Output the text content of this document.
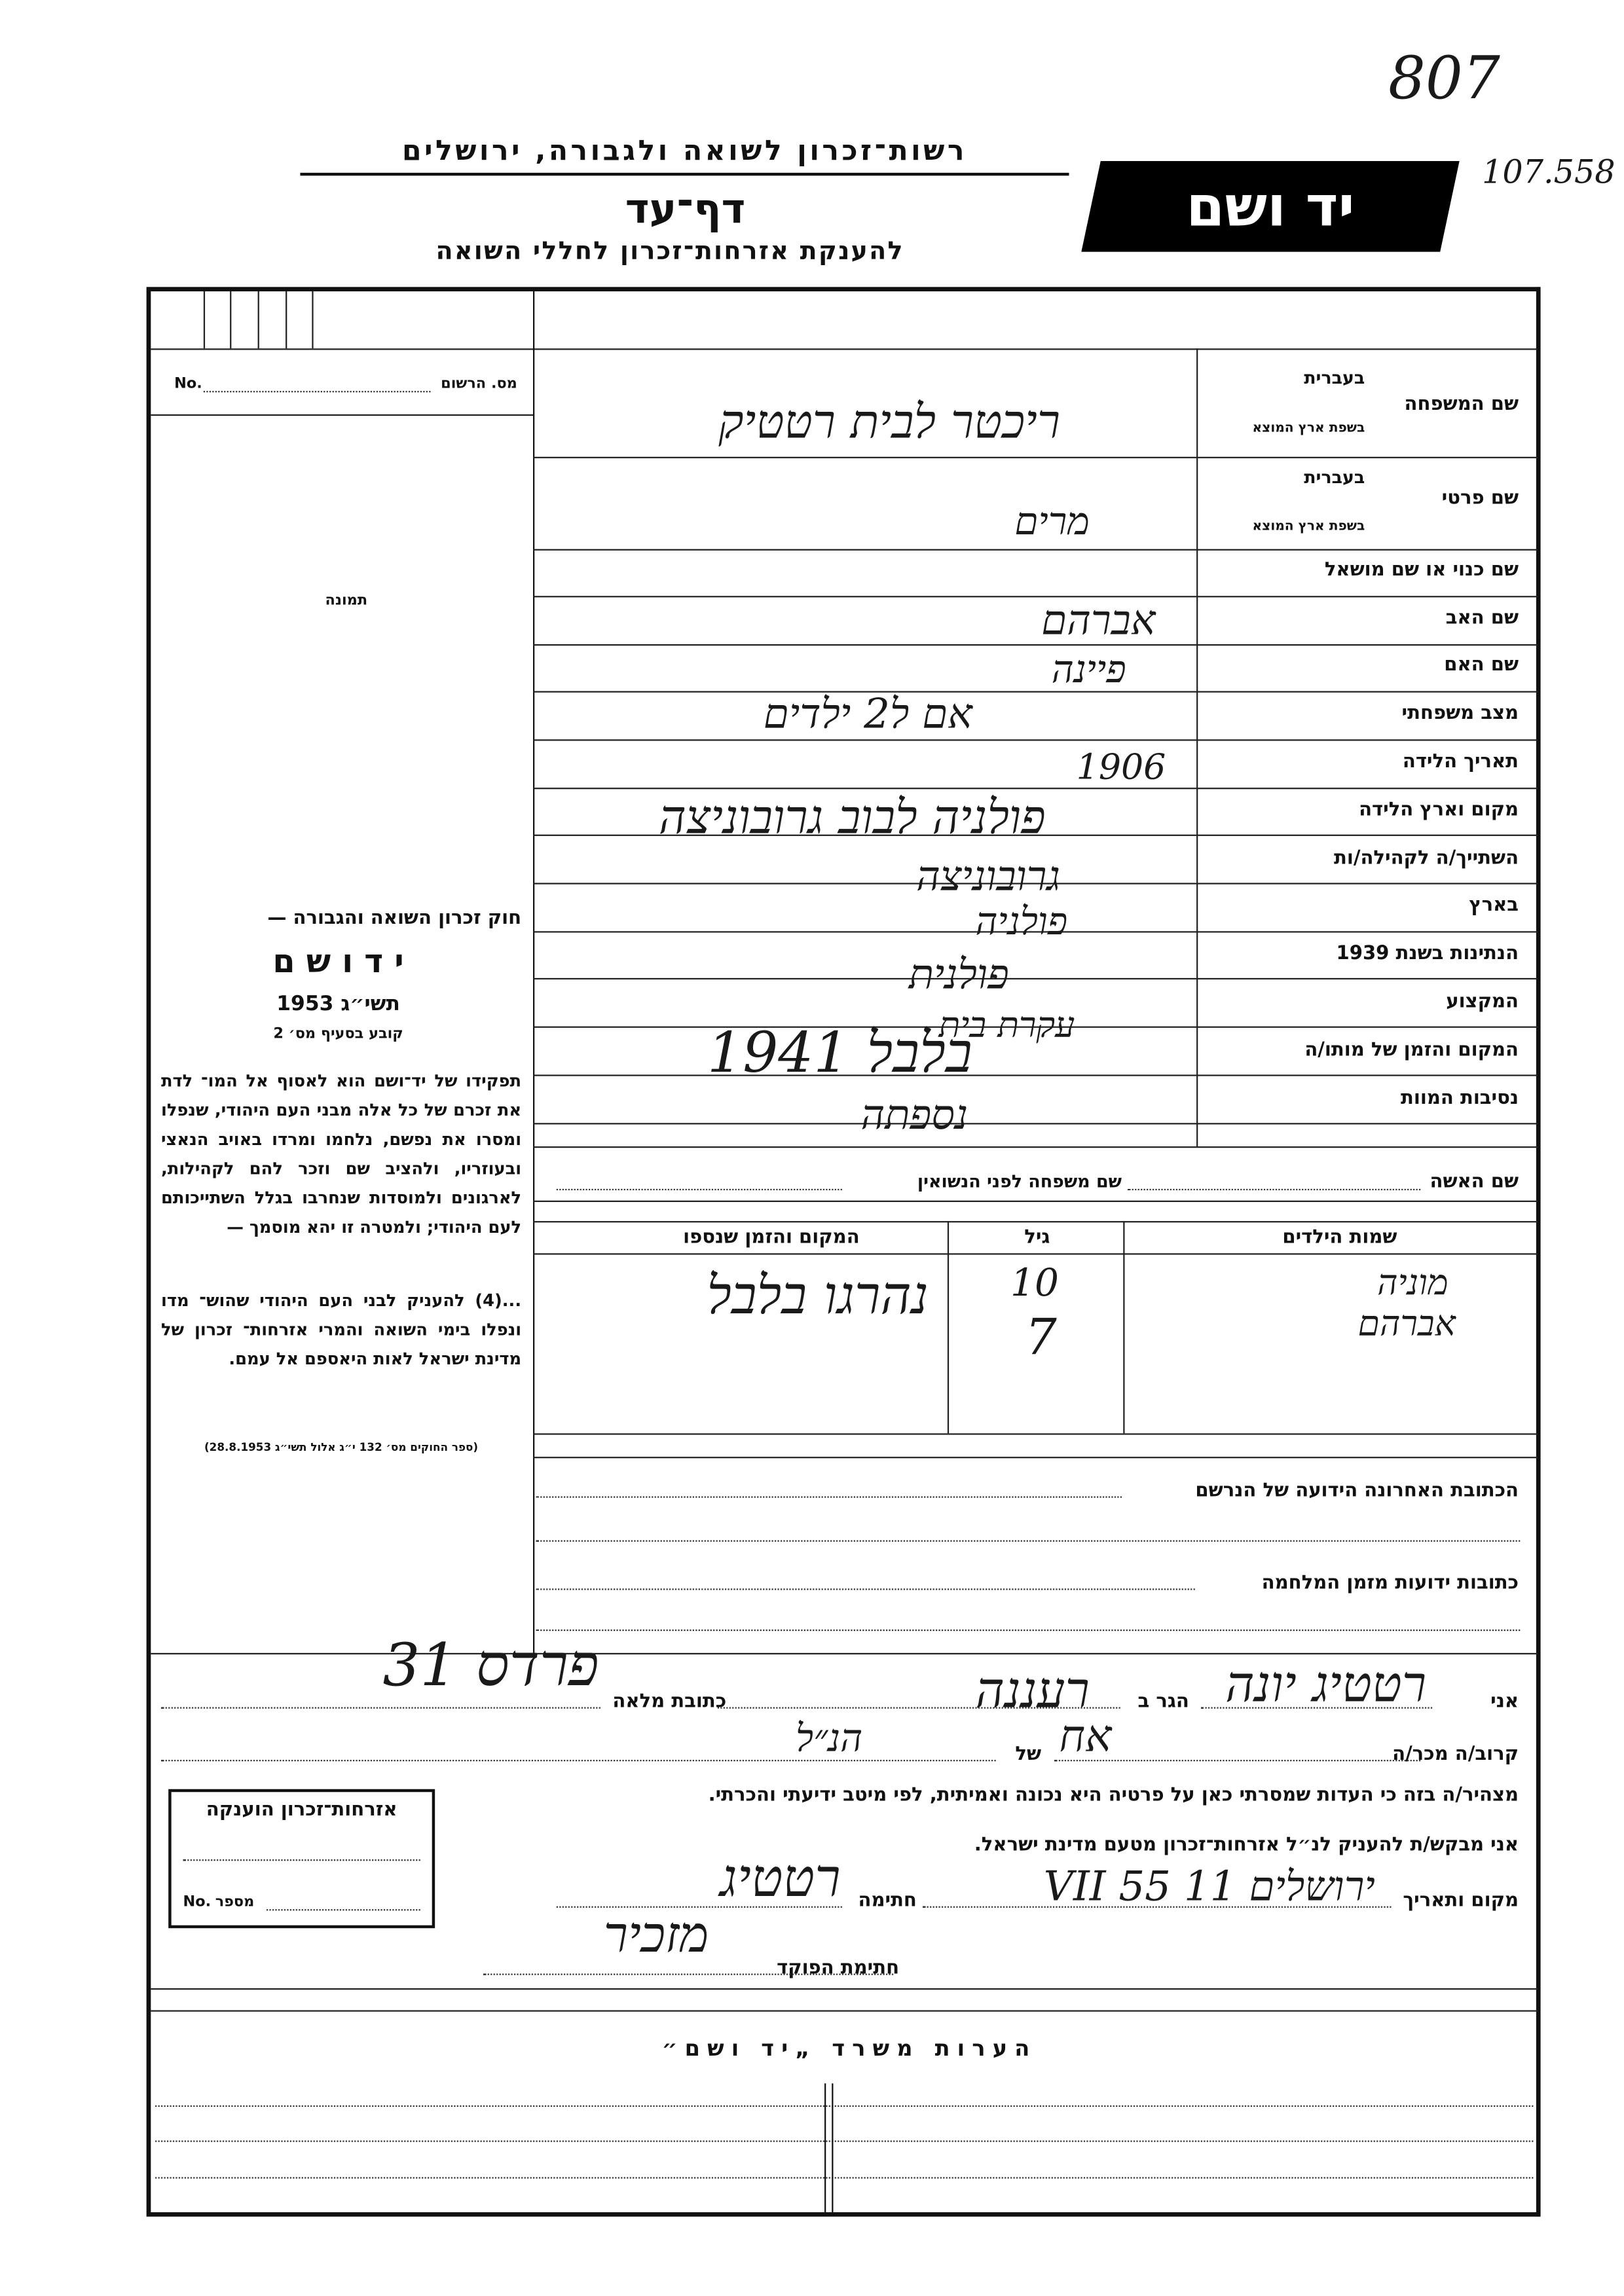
807
107.558
רשות־זכרון לשואה ולגבורה, ירושלים
דף־עד
להענקת אזרחות־זכרון לחללי השואה
יד ושם
No.	מס. הרשום
תמונה
חוק זכרון השואה והגבורה —
י ד ו ש ם
תשי״ג 1953
קובע בסעיף מס׳ 2
תפקידו של יד־ושם הוא לאסוף אל המו־ לדת את זכרם של כל אלה מבני העם היהודי, שנפלו ומסרו את נפשם, נלחמו ומרדו באויב הנאצי ובעוזריו, ולהציב שם וזכר להם לקהילות, לארגונים ולמוסדות שנחרבו בגלל השתייכותם לעם היהודי; ולמטרה זו יהא מוסמך —
...(4) להעניק לבני העם היהודי שהוש־ מדו ונפלו בימי השואה והמרי אזרחות־ זכרון של מדינת ישראל לאות היאספם אל עמם.
(ספר החוקים מס׳ 132 י״ג אלול תשי״ג 28.8.1953)
שם המשפחה
בעברית
בשפת ארץ המוצא
שם פרטי
בעברית
בשפת ארץ המוצא
שם כנוי או שם מושאל
שם האב
שם האם
מצב משפחתי
תאריך הלידה
מקום וארץ הלידה
השתייך/ה לקהילה/ות
בארץ
הנתינות בשנת 1939
המקצוע
המקום והזמן של מותו/ה
נסיבות המוות
ריכטר לבית רטטיק
מרים
אברהם
פיינה
אם ל2 ילדים
1906
פולניה לבוב גרובוניצה
גרובוניצה
פולניה
פולנית
עקרת בית
בלבל 1941
נספתה
שם האשה
שם משפחה לפני הנשואין
שמות הילדים
גיל
המקום והזמן שנספו
מוניה
אברהם
10
7
נהרגו בלבל
הכתובת האחרונה הידועה של הנרשם
כתובות ידועות מזמן המלחמה
אני
הגר ב
כתובת מלאה	רטטיג יונה
רעננה
פרדס 31
קרוב/ה מכר/ה
של אח
הנ״ל
מצהיר/ה בזה כי העדות שמסרתי כאן על פרטיה היא נכונה ואמיתית, לפי מיטב ידיעתי והכרתי.
אני מבקש/ת להעניק לנ״ל אזרחות־זכרון מטעם מדינת ישראל.
מקום ותאריך
ירושלים 11 VII 55
חתימה
רטטיג
חתימת הפוקד
מזכיר
אזרחות־זכרון הוענקה
No. מספר
הערות משרד „יד ושם״
